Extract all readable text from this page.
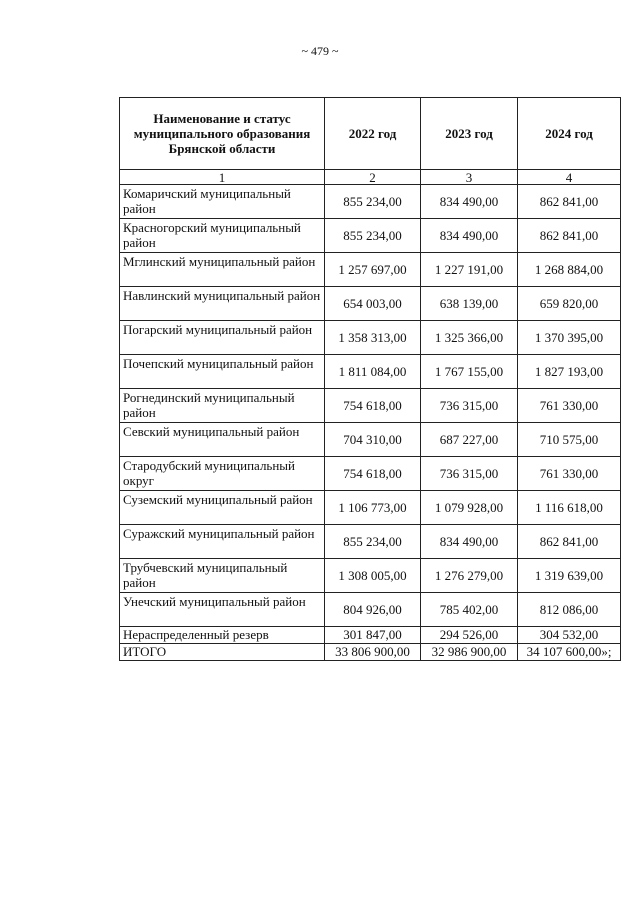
~ 479 ~
Наименование и статус муниципального образования Брянской области	2022 год	2023 год	2024 год
1	2	3	4
Комаричский муниципальный район	855 234,00	834 490,00	862 841,00
Красногорский муниципальный район	855 234,00	834 490,00	862 841,00
Мглинский муниципальный район	1 257 697,00	1 227 191,00	1 268 884,00
Навлинский муниципальный район	654 003,00	638 139,00	659 820,00
Погарский муниципальный район	1 358 313,00	1 325 366,00	1 370 395,00
Почепский муниципальный район	1 811 084,00	1 767 155,00	1 827 193,00
Рогнединский муниципальный район	754 618,00	736 315,00	761 330,00
Севский муниципальный район	704 310,00	687 227,00	710 575,00
Стародубский муниципальный округ	754 618,00	736 315,00	761 330,00
Суземский муниципальный район	1 106 773,00	1 079 928,00	1 116 618,00
Суражский муниципальный район	855 234,00	834 490,00	862 841,00
Трубчевский муниципальный район	1 308 005,00	1 276 279,00	1 319 639,00
Унечский муниципальный район	804 926,00	785 402,00	812 086,00
Нераспределенный резерв	301 847,00	294 526,00	304 532,00
ИТОГО	33 806 900,00	32 986 900,00	34 107 600,00»;
